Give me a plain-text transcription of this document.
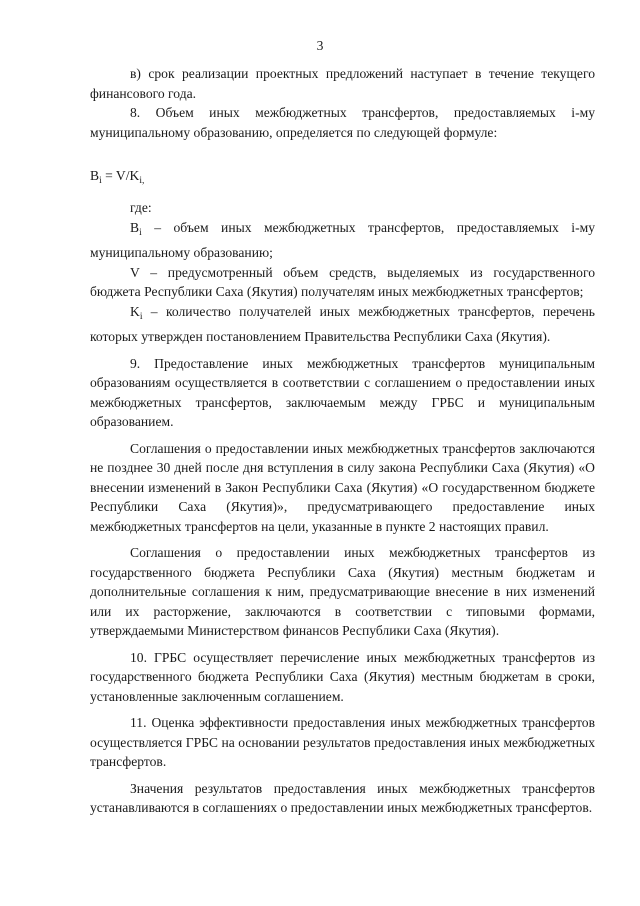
3

в) срок реализации проектных предложений наступает в течение текущего финансового года.

8. Объем иных межбюджетных трансфертов, предоставляемых i-му муниципальному образованию, определяется по следующей формуле:

$B_i = V/K_{i,}$

где:

$B_i$ – объем иных межбюджетных трансфертов, предоставляемых i-му муниципальному образованию;

V – предусмотренный объем средств, выделяемых из государственного бюджета Республики Саха (Якутия) получателям иных межбюджетных трансфертов;

$K_i$ – количество получателей иных межбюджетных трансфертов, перечень которых утвержден постановлением Правительства Республики Саха (Якутия).

9. Предоставление иных межбюджетных трансфертов муниципальным образованиям осуществляется в соответствии с соглашением о предоставлении иных межбюджетных трансфертов, заключаемым между ГРБС и муниципальным образованием.

Соглашения о предоставлении иных межбюджетных трансфертов заключаются не позднее 30 дней после дня вступления в силу закона Республики Саха (Якутия) «О внесении изменений в Закон Республики Саха (Якутия) «О государственном бюджете Республики Саха (Якутия)», предусматривающего предоставление иных межбюджетных трансфертов на цели, указанные в пункте 2 настоящих правил.

Соглашения о предоставлении иных межбюджетных трансфертов из государственного бюджета Республики Саха (Якутия) местным бюджетам и дополнительные соглашения к ним, предусматривающие внесение в них изменений или их расторжение, заключаются в соответствии с типовыми формами, утверждаемыми Министерством финансов Республики Саха (Якутия).

10. ГРБС осуществляет перечисление иных межбюджетных трансфертов из государственного бюджета Республики Саха (Якутия) местным бюджетам в сроки, установленные заключенным соглашением.

11. Оценка эффективности предоставления иных межбюджетных трансфертов осуществляется ГРБС на основании результатов предоставления иных межбюджетных трансфертов.

Значения результатов предоставления иных межбюджетных трансфертов устанавливаются в соглашениях о предоставлении иных межбюджетных трансфертов.
